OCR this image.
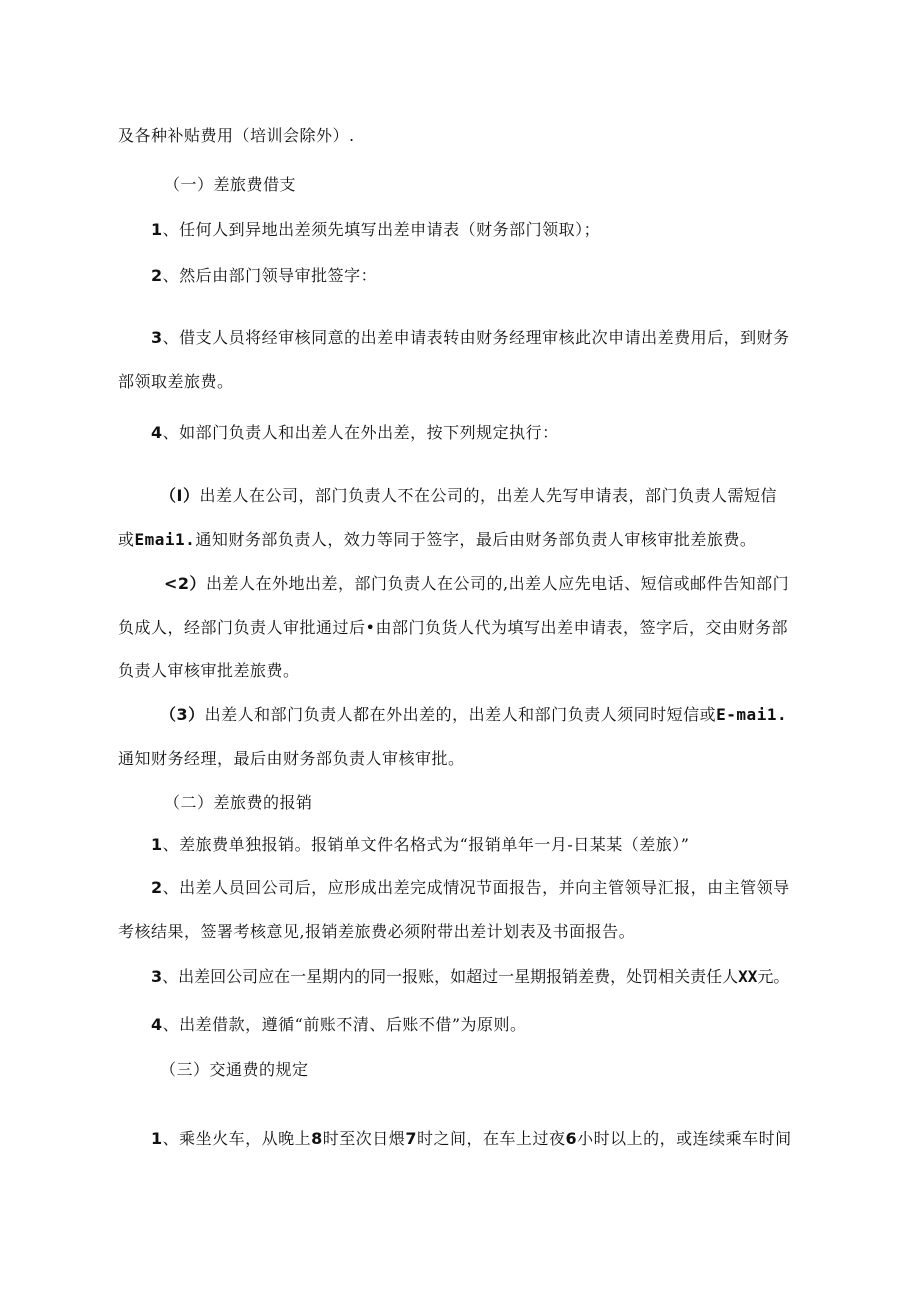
及各种补贴费用（培训会除外）.
（一）差旅费借支
1、任何人到异地出差须先填写出差申请表（财务部门领取）；
2、然后由部门领导审批签字：
3、借支人员将经审核同意的出差申请表转由财务经理审核此次申请出差费用后，到财务
部领取差旅费。
4、如部门负责人和出差人在外出差，按下列规定执行：
（I）出差人在公司，部门负责人不在公司的，出差人先写申请表，部门负责人需短信
或Emai1.通知财务部负责人，效力等同于签字，最后由财务部负责人审核审批差旅费。
<2）出差人在外地出差，部门负责人在公司的,出差人应先电话、短信或邮件告知部门
负成人，经部门负责人审批通过后•由部门负货人代为填写出差申请表，签字后，交由财务部
负责人审核审批差旅费。
（3）出差人和部门负责人都在外出差的，出差人和部门负责人须同时短信或E-mai1.
通知财务经理，最后由财务部负责人审核审批。
（二）差旅费的报销
1、差旅费单独报销。报销单文件名格式为“报销单年一月-日某某（差旅）”
2、出差人员回公司后，应形成出差完成情况节面报告，并向主管领导汇报，由主管领导
考核结果，签署考核意见,报销差旅费必须附带出差计划表及书面报告。
3、出差回公司应在一星期内的同一报账，如超过一星期报销差费，处罚相关责任人XX元。
4、出差借款，遵循“前账不清、后账不借”为原则。
（三）交通费的规定
1、乘坐火车，从晚上8时至次日煨7时之间，在车上过夜6小时以上的，或连续乘车时间
